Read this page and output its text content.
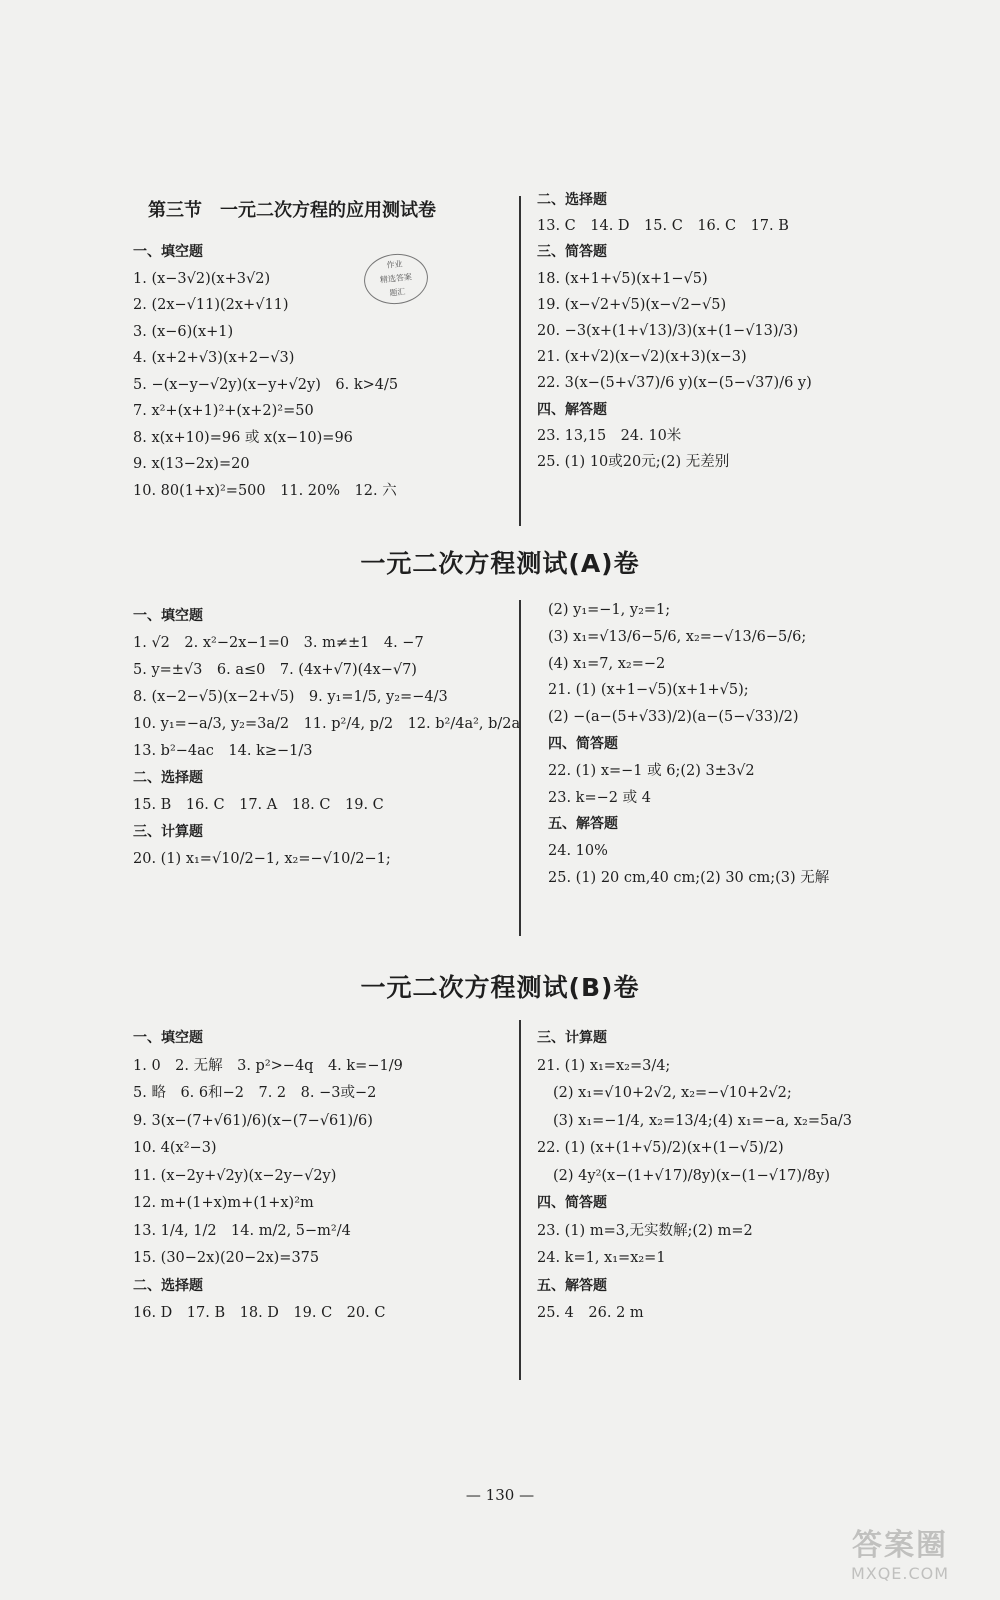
第三节　一元二次方程的应用测试卷
一、填空题
1. (x−3√2)(x+3√2)
2. (2x−√11)(2x+√11)
3. (x−6)(x+1)
4. (x+2+√3)(x+2−√3)
5. −(x−y−√2y)(x−y+√2y)　6. k>4/5
7. x²+(x+1)²+(x+2)²=50
8. x(x+10)=96 或 x(x−10)=96
9. x(13−2x)=20
10. 80(1+x)²=500　11. 20%　12. 六
二、选择题
13. C　14. D　15. C　16. C　17. B
三、简答题
18. (x+1+√5)(x+1−√5)
19. (x−√2+√5)(x−√2−√5)
20. −3(x+(1+√13)/3)(x+(1−√13)/3)
21. (x+√2)(x−√2)(x+3)(x−3)
22. 3(x−(5+√37)/6 y)(x−(5−√37)/6 y)
四、解答题
23. 13,15　24. 10米
25. (1) 10或20元;(2) 无差别
作业
精选答案
题汇
一元二次方程测试(A)卷
一、填空题
1. √2　2. x²−2x−1=0　3. m≠±1　4. −7
5. y=±√3　6. a≤0　7. (4x+√7)(4x−√7)
8. (x−2−√5)(x−2+√5)　9. y₁=1/5, y₂=−4/3
10. y₁=−a/3, y₂=3a/2　11. p²/4, p/2　12. b²/4a², b/2a
13. b²−4ac　14. k≥−1/3
二、选择题
15. B　16. C　17. A　18. C　19. C
三、计算题
20. (1) x₁=√10/2−1, x₂=−√10/2−1;
(2) y₁=−1, y₂=1;
(3) x₁=√13/6−5/6, x₂=−√13/6−5/6;
(4) x₁=7, x₂=−2
21. (1) (x+1−√5)(x+1+√5);
(2) −(a−(5+√33)/2)(a−(5−√33)/2)
四、简答题
22. (1) x=−1 或 6;(2) 3±3√2
23. k=−2 或 4
五、解答题
24. 10%
25. (1) 20 cm,40 cm;(2) 30 cm;(3) 无解
一元二次方程测试(B)卷
一、填空题
1. 0　2. 无解　3. p²>−4q　4. k=−1/9
5. 略　6. 6和−2　7. 2　8. −3或−2
9. 3(x−(7+√61)/6)(x−(7−√61)/6)
10. 4(x²−3)
11. (x−2y+√2y)(x−2y−√2y)
12. m+(1+x)m+(1+x)²m
13. 1/4, 1/2　14. m/2, 5−m²/4
15. (30−2x)(20−2x)=375
二、选择题
16. D　17. B　18. D　19. C　20. C
三、计算题
21. (1) x₁=x₂=3/4;
(2) x₁=√10+2√2, x₂=−√10+2√2;
(3) x₁=−1/4, x₂=13/4;(4) x₁=−a, x₂=5a/3
22. (1) (x+(1+√5)/2)(x+(1−√5)/2)
(2) 4y²(x−(1+√17)/8y)(x−(1−√17)/8y)
四、简答题
23. (1) m=3,无实数解;(2) m=2
24. k=1, x₁=x₂=1
五、解答题
25. 4　26. 2 m
— 130 —
答案圈
MXQE.COM
